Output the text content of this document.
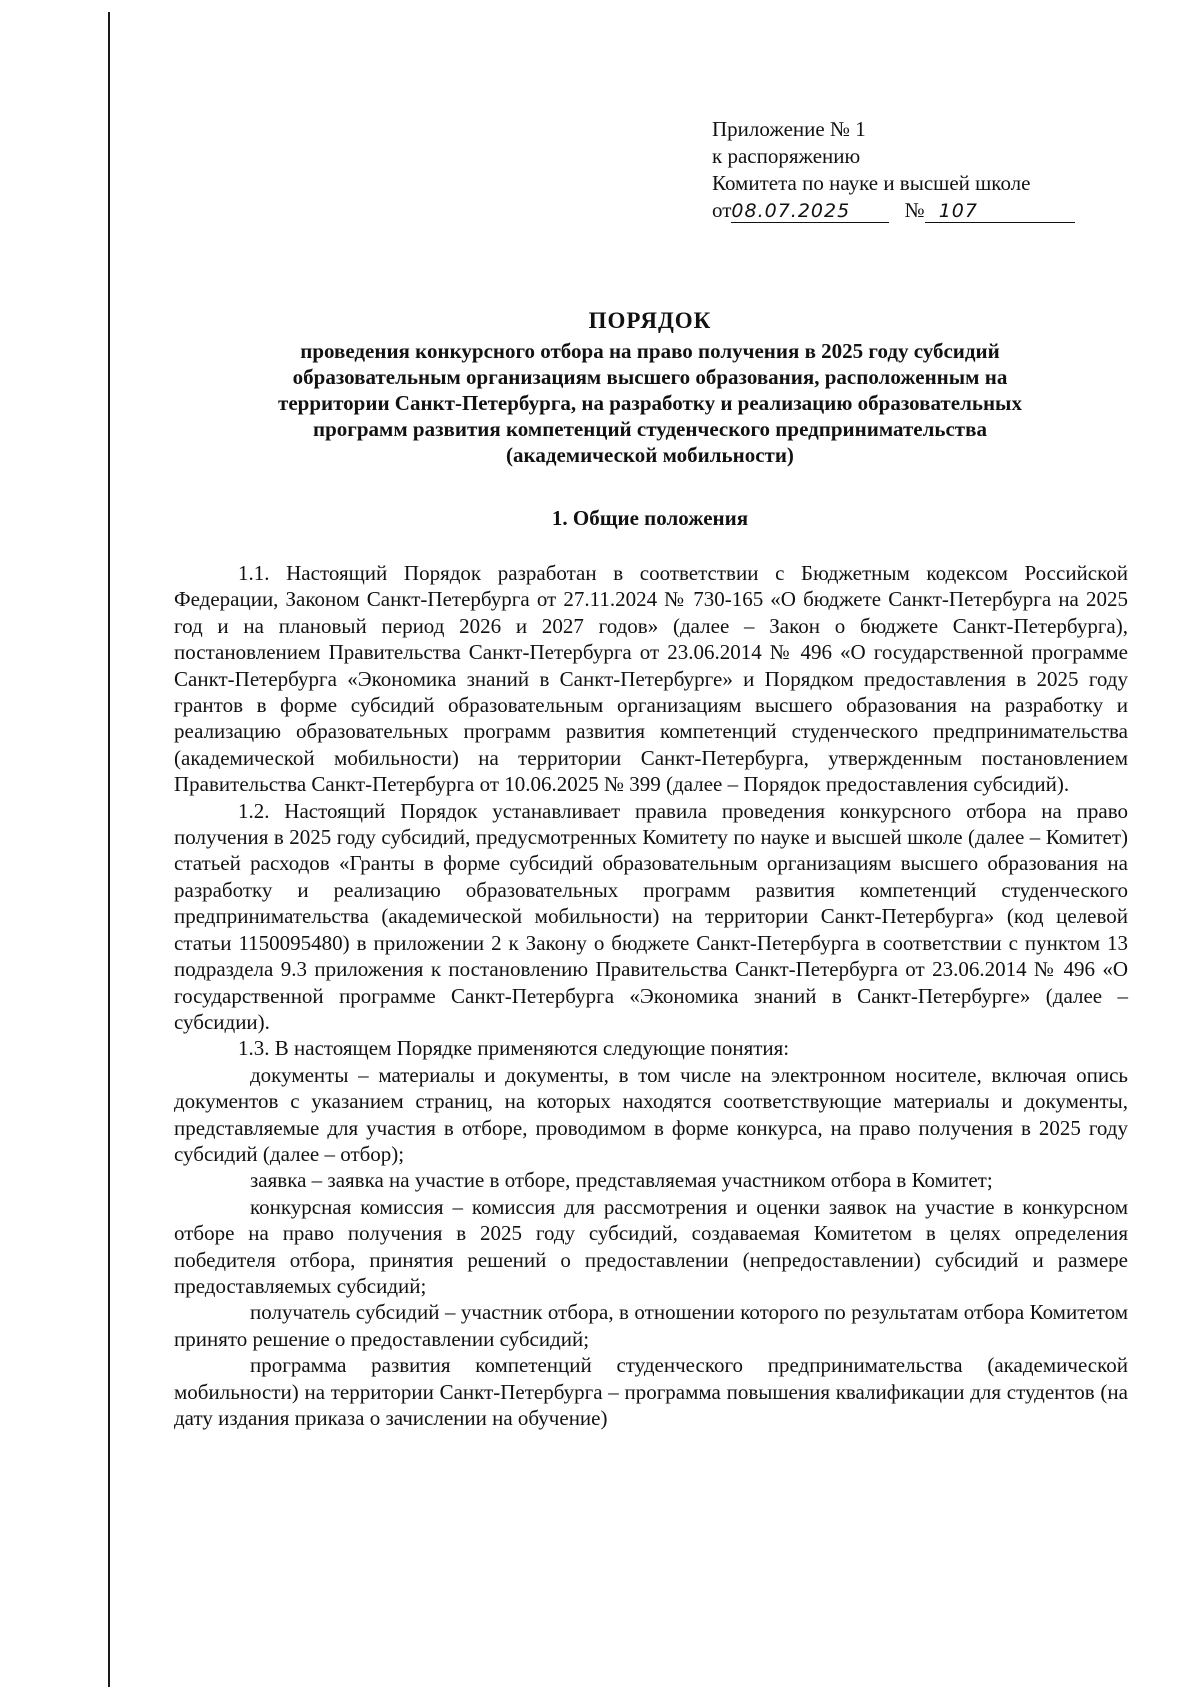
Приложение № 1
к распоряжению
Комитета по науке и высшей школе
от08.07.2025	№ 107
ПОРЯДОК
проведения конкурсного отбора на право получения в 2025 году субсидий
образовательным организациям высшего образования, расположенным на
территории Санкт-Петербурга, на разработку и реализацию образовательных
программ развития компетенций студенческого предпринимательства
(академической мобильности)
1. Общие положения

1.1. Настоящий Порядок разработан в соответствии с Бюджетным кодексом Российской Федерации, Законом Санкт-Петербурга от 27.11.2024 № 730-165 «О бюджете Санкт-Петербурга на 2025 год и на плановый период 2026 и 2027 годов» (далее – Закон о бюджете Санкт-Петербурга), постановлением Правительства Санкт-Петербурга от 23.06.2014 № 496 «О государственной программе Санкт-Петербурга «Экономика знаний в Санкт-Петербурге» и Порядком предоставления в 2025 году грантов в форме субсидий образовательным организациям высшего образования на разработку и реализацию образовательных программ развития компетенций студенческого предпринимательства (академической мобильности) на территории Санкт-Петербурга, утвержденным постановлением Правительства Санкт-Петербурга от 10.06.2025 № 399 (далее – Порядок предоставления субсидий).

1.2. Настоящий Порядок устанавливает правила проведения конкурсного отбора на право получения в 2025 году субсидий, предусмотренных Комитету по науке и высшей школе (далее – Комитет) статьей расходов «Гранты в форме субсидий образовательным организациям высшего образования на разработку и реализацию образовательных программ развития компетенций студенческого предпринимательства (академической мобильности) на территории Санкт-Петербурга» (код целевой статьи 1150095480) в приложении 2 к Закону о бюджете Санкт-Петербурга в соответствии с пунктом 13 подраздела 9.3 приложения к постановлению Правительства Санкт-Петербурга от 23.06.2014 № 496 «О государственной программе Санкт-Петербурга «Экономика знаний в Санкт-Петербурге» (далее – субсидии).

1.3. В настоящем Порядке применяются следующие понятия:

документы – материалы и документы, в том числе на электронном носителе, включая опись документов с указанием страниц, на которых находятся соответствующие материалы и документы, представляемые для участия в отборе, проводимом в форме конкурса, на право получения в 2025 году субсидий (далее – отбор);

заявка – заявка на участие в отборе, представляемая участником отбора в Комитет;

конкурсная комиссия – комиссия для рассмотрения и оценки заявок на участие в конкурсном отборе на право получения в 2025 году субсидий, создаваемая Комитетом в целях определения победителя отбора, принятия решений о предоставлении (непредоставлении) субсидий и размере предоставляемых субсидий;

получатель субсидий – участник отбора, в отношении которого по результатам отбора Комитетом принято решение о предоставлении субсидий;

программа развития компетенций студенческого предпринимательства (академической мобильности) на территории Санкт-Петербурга – программа повышения квалификации для студентов (на дату издания приказа о зачислении на обучение)
